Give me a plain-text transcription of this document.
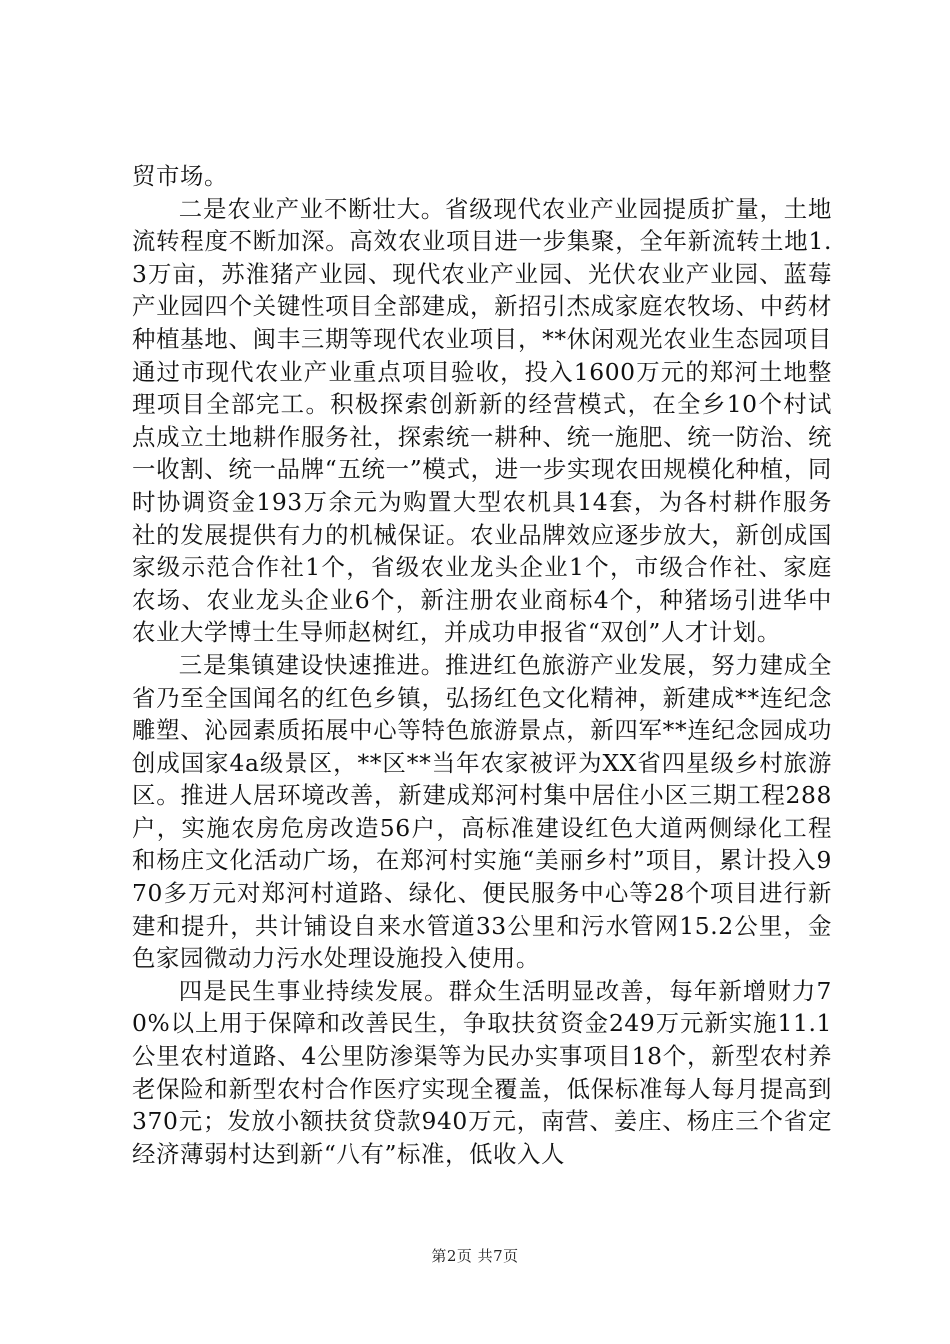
贸市场。

二是农业产业不断壮大。省级现代农业产业园提质扩量，土地流转程度不断加深。高效农业项目进一步集聚，全年新流转土地1.3万亩，苏淮猪产业园、现代农业产业园、光伏农业产业园、蓝莓产业园四个关键性项目全部建成，新招引杰成家庭农牧场、中药材种植基地、闽丰三期等现代农业项目，**休闲观光农业生态园项目通过市现代农业产业重点项目验收，投入1600万元的郑河土地整理项目全部完工。积极探索创新新的经营模式，在全乡10个村试点成立土地耕作服务社，探索统一耕种、统一施肥、统一防治、统一收割、统一品牌“五统一”模式，进一步实现农田规模化种植，同时协调资金193万余元为购置大型农机具14套，为各村耕作服务社的发展提供有力的机械保证。农业品牌效应逐步放大，新创成国家级示范合作社1个，省级农业龙头企业1个，市级合作社、家庭农场、农业龙头企业6个，新注册农业商标4个，种猪场引进华中农业大学博士生导师赵树红，并成功申报省“双创”人才计划。

三是集镇建设快速推进。推进红色旅游产业发展，努力建成全省乃至全国闻名的红色乡镇，弘扬红色文化精神，新建成**连纪念雕塑、沁园素质拓展中心等特色旅游景点，新四军**连纪念园成功创成国家4a级景区，**区**当年农家被评为XX省四星级乡村旅游区。推进人居环境改善，新建成郑河村集中居住小区三期工程288户，实施农房危房改造56户，高标准建设红色大道两侧绿化工程和杨庄文化活动广场，在郑河村实施“美丽乡村”项目，累计投入970多万元对郑河村道路、绿化、便民服务中心等28个项目进行新建和提升，共计铺设自来水管道33公里和污水管网15.2公里，金色家园微动力污水处理设施投入使用。

四是民生事业持续发展。群众生活明显改善，每年新增财力70%以上用于保障和改善民生，争取扶贫资金249万元新实施11.1公里农村道路、4公里防渗渠等为民办实事项目18个，新型农村养老保险和新型农村合作医疗实现全覆盖，低保标准每人每月提高到370元；发放小额扶贫贷款940万元，南营、姜庄、杨庄三个省定经济薄弱村达到新“八有”标准，低收入人

第2页 共7页
